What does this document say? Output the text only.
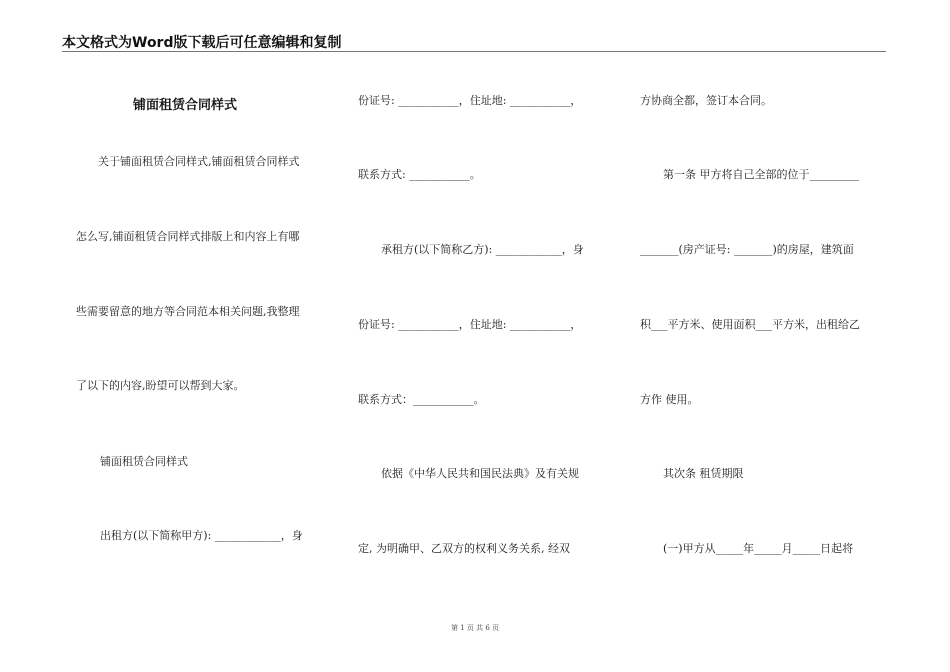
本文格式为Word版下载后可任意编辑和复制
铺面租赁合同样式
关于铺面租赁合同样式,铺面租赁合同样式
怎么写,铺面租赁合同样式排版上和内容上有哪
些需要留意的地方等合同范本相关问题,我整理
了以下的内容,盼望可以帮到大家。
铺面租赁合同样式
出租方(以下简称甲方): ____________，身
份证号: ___________，住址地: ___________，
联系方式: ___________。
承租方(以下简称乙方): ____________，身
份证号: ___________，住址地: ___________，
联系方式：___________。
依据《中华人民共和国民法典》及有关规
定, 为明确甲、乙双方的权利义务关系, 经双
方协商全都，签订本合同。
第一条 甲方将自己全部的位于_________
_______(房产证号: _______)的房屋，建筑面
积___平方米、使用面积___平方米，出租给乙
方作 使用。
其次条 租赁期限
(一)甲方从_____年_____月_____日起将
第 1 页 共 6 页
